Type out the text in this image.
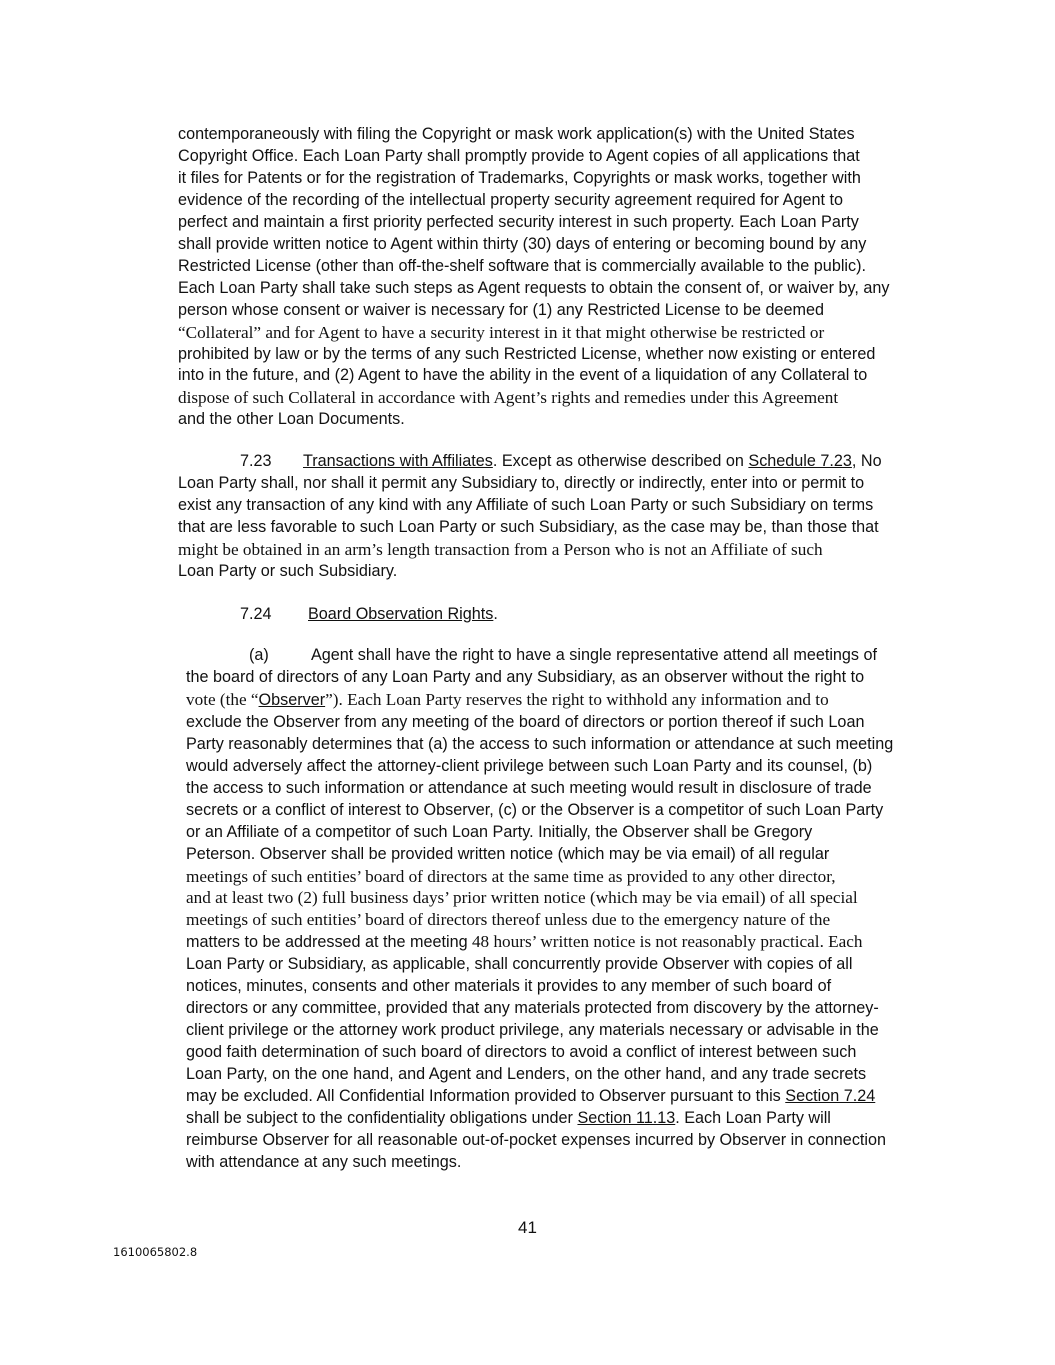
contemporaneously with filing the Copyright or mask work application(s) with the United States
Copyright Office. Each Loan Party shall promptly provide to Agent copies of all applications that
it files for Patents or for the registration of Trademarks, Copyrights or mask works, together with
evidence of the recording of the intellectual property security agreement required for Agent to
perfect and maintain a first priority perfected security interest in such property. Each Loan Party
shall provide written notice to Agent within thirty (30) days of entering or becoming bound by any
Restricted License (other than off-the-shelf software that is commercially available to the public).
Each Loan Party shall take such steps as Agent requests to obtain the consent of, or waiver by, any
person whose consent or waiver is necessary for (1) any Restricted License to be deemed
“Collateral” and for Agent to have a security interest in it that might otherwise be restricted or
prohibited by law or by the terms of any such Restricted License, whether now existing or entered
into in the future, and (2) Agent to have the ability in the event of a liquidation of any Collateral to
dispose of such Collateral in accordance with Agent’s rights and remedies under this Agreement
and the other Loan Documents.
7.23 Transactions with Affiliates. Except as otherwise described on Schedule 7.23, No
Loan Party shall, nor shall it permit any Subsidiary to, directly or indirectly, enter into or permit to
exist any transaction of any kind with any Affiliate of such Loan Party or such Subsidiary on terms
that are less favorable to such Loan Party or such Subsidiary, as the case may be, than those that
might be obtained in an arm’s length transaction from a Person who is not an Affiliate of such
Loan Party or such Subsidiary.
7.24 Board Observation Rights.
(a)	Agent shall have the right to have a single representative attend all meetings of
the board of directors of any Loan Party and any Subsidiary, as an observer without the right to
vote (the “Observer”). Each Loan Party reserves the right to withhold any information and to
exclude the Observer from any meeting of the board of directors or portion thereof if such Loan
Party reasonably determines that (a) the access to such information or attendance at such meeting
would adversely affect the attorney-client privilege between such Loan Party and its counsel, (b)
the access to such information or attendance at such meeting would result in disclosure of trade
secrets or a conflict of interest to Observer, (c) or the Observer is a competitor of such Loan Party
or an Affiliate of a competitor of such Loan Party. Initially, the Observer shall be Gregory
Peterson. Observer shall be provided written notice (which may be via email) of all regular
meetings of such entities’ board of directors at the same time as provided to any other director,
and at least two (2) full business days’ prior written notice (which may be via email) of all special
meetings of such entities’ board of directors thereof unless due to the emergency nature of the
matters to be addressed at the meeting 48 hours’ written notice is not reasonably practical. Each
Loan Party or Subsidiary, as applicable, shall concurrently provide Observer with copies of all
notices, minutes, consents and other materials it provides to any member of such board of
directors or any committee, provided that any materials protected from discovery by the attorney-
client privilege or the attorney work product privilege, any materials necessary or advisable in the
good faith determination of such board of directors to avoid a conflict of interest between such
Loan Party, on the one hand, and Agent and Lenders, on the other hand, and any trade secrets
may be excluded. All Confidential Information provided to Observer pursuant to this Section 7.24
shall be subject to the confidentiality obligations under Section 11.13. Each Loan Party will
reimburse Observer for all reasonable out-of-pocket expenses incurred by Observer in connection
with attendance at any such meetings.
41
1610065802.8
